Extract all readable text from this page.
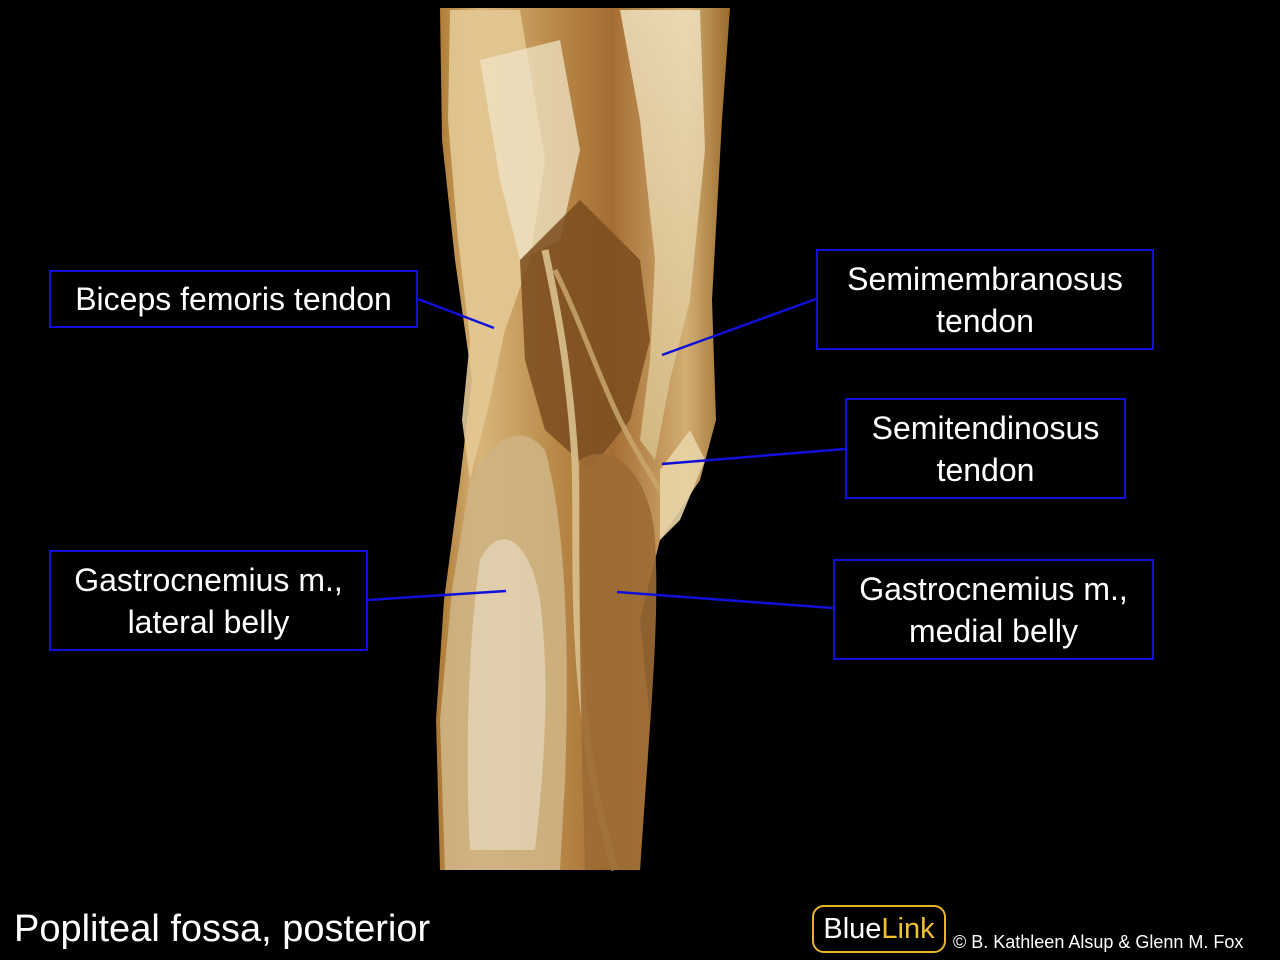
Biceps femoris tendon
Semimembranosus
tendon
Semitendinosus
tendon
Gastrocnemius m.,
lateral belly
Gastrocnemius m.,
medial belly
Popliteal fossa, posterior	Blue Link © B. Kathleen Alsup & Glenn M. Fox
